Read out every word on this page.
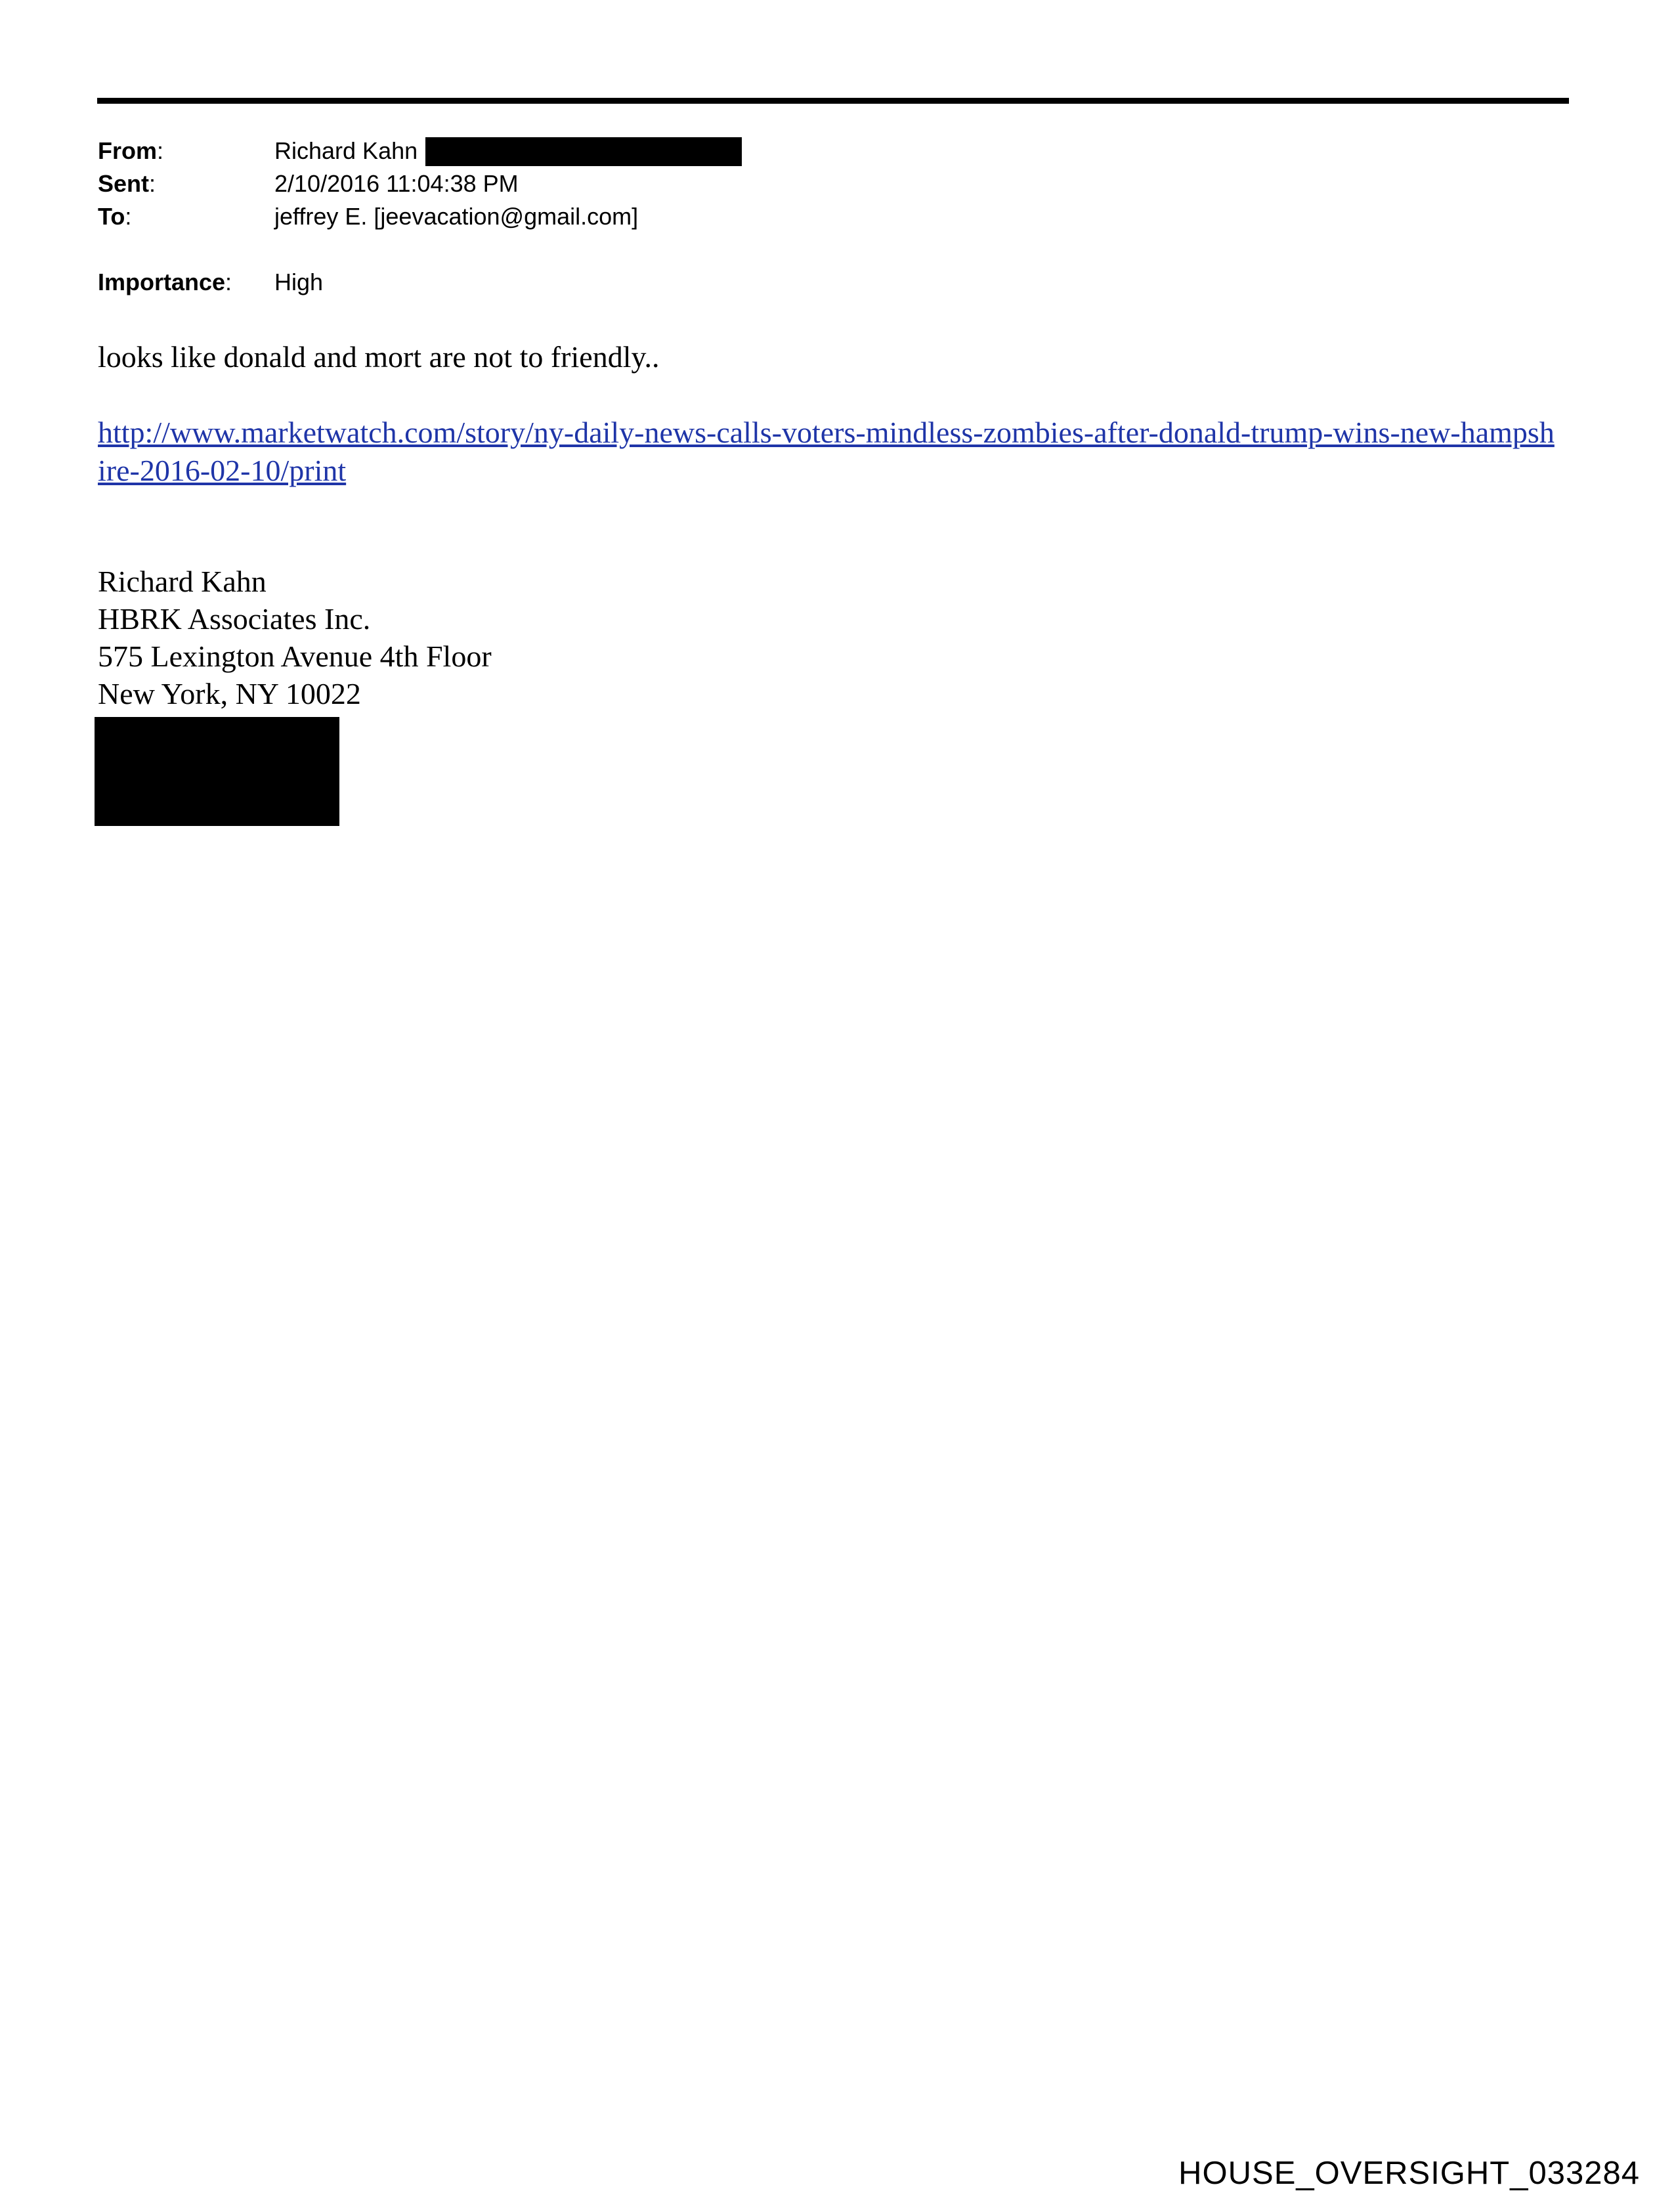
From:	Richard Kahn
Sent:	2/10/2016 11:04:38 PM
To:	jeffrey E. [jeevacation@gmail.com]
Importance: High
looks like donald and mort are not to friendly..
http://www.marketwatch.com/story/ny-daily-news-calls-voters-mindless-zombies-after-donald-trump-wins-new-hampshire-2016-02-10/print
Richard Kahn
HBRK Associates Inc.
575 Lexington Avenue 4th Floor
New York, NY 10022
HOUSE_OVERSIGHT_033284
